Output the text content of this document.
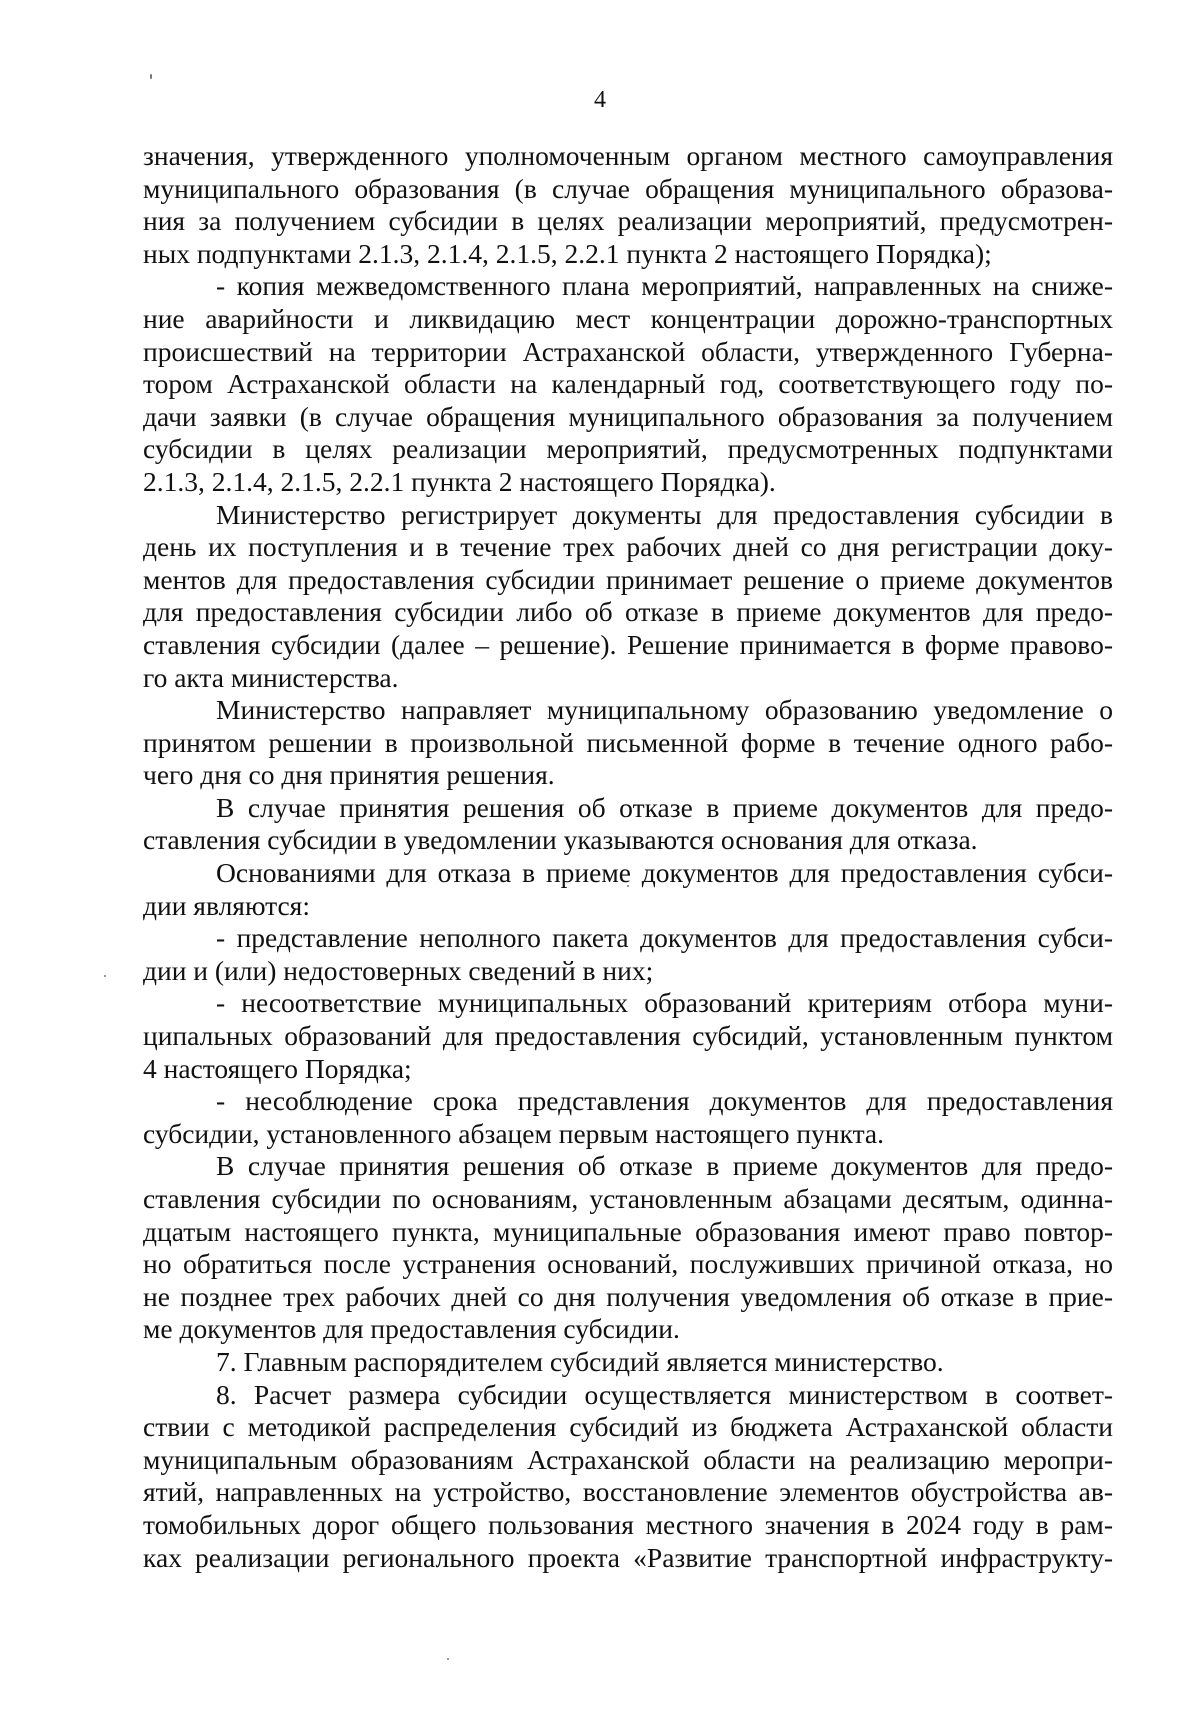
4

значения, утвержденного уполномоченным органом местного самоуправления
муниципального образования (в случае обращения муниципального образова-
ния за получением субсидии в целях реализации мероприятий, предусмотрен-
ных подпунктами 2.1.3, 2.1.4, 2.1.5, 2.2.1 пункта 2 настоящего Порядка);

- копия межведомственного плана мероприятий, направленных на сниже-
ние аварийности и ликвидацию мест концентрации дорожно-транспортных
происшествий на территории Астраханской области, утвержденного Губерна-
тором Астраханской области на календарный год, соответствующего году по-
дачи заявки (в случае обращения муниципального образования за получением
субсидии в целях реализации мероприятий, предусмотренных подпунктами
2.1.3, 2.1.4, 2.1.5, 2.2.1 пункта 2 настоящего Порядка).

Министерство регистрирует документы для предоставления субсидии в
день их поступления и в течение трех рабочих дней со дня регистрации доку-
ментов для предоставления субсидии принимает решение о приеме документов
для предоставления субсидии либо об отказе в приеме документов для предо-
ставления субсидии (далее – решение). Решение принимается в форме правово-
го акта министерства.

Министерство направляет муниципальному образованию уведомление о
принятом решении в произвольной письменной форме в течение одного рабо-
чего дня со дня принятия решения.

В случае принятия решения об отказе в приеме документов для предо-
ставления субсидии в уведомлении указываются основания для отказа.

Основаниями для отказа в приеме документов для предоставления субси-
дии являются:

- представление неполного пакета документов для предоставления субси-
дии и (или) недостоверных сведений в них;

- несоответствие муниципальных образований критериям отбора муни-
ципальных образований для предоставления субсидий, установленным пунктом
4 настоящего Порядка;

- несоблюдение срока представления документов для предоставления
субсидии, установленного абзацем первым настоящего пункта.

В случае принятия решения об отказе в приеме документов для предо-
ставления субсидии по основаниям, установленным абзацами десятым, одинна-
дцатым настоящего пункта, муниципальные образования имеют право повтор-
но обратиться после устранения оснований, послуживших причиной отказа, но
не позднее трех рабочих дней со дня получения уведомления об отказе в прие-
ме документов для предоставления субсидии.

7. Главным распорядителем субсидий является министерство.

8. Расчет размера субсидии осуществляется министерством в соответ-
ствии с методикой распределения субсидий из бюджета Астраханской области
муниципальным образованиям Астраханской области на реализацию меропри-
ятий, направленных на устройство, восстановление элементов обустройства ав-
томобильных дорог общего пользования местного значения в 2024 году в рам-
ках реализации регионального проекта «Развитие транспортной инфраструкту-
